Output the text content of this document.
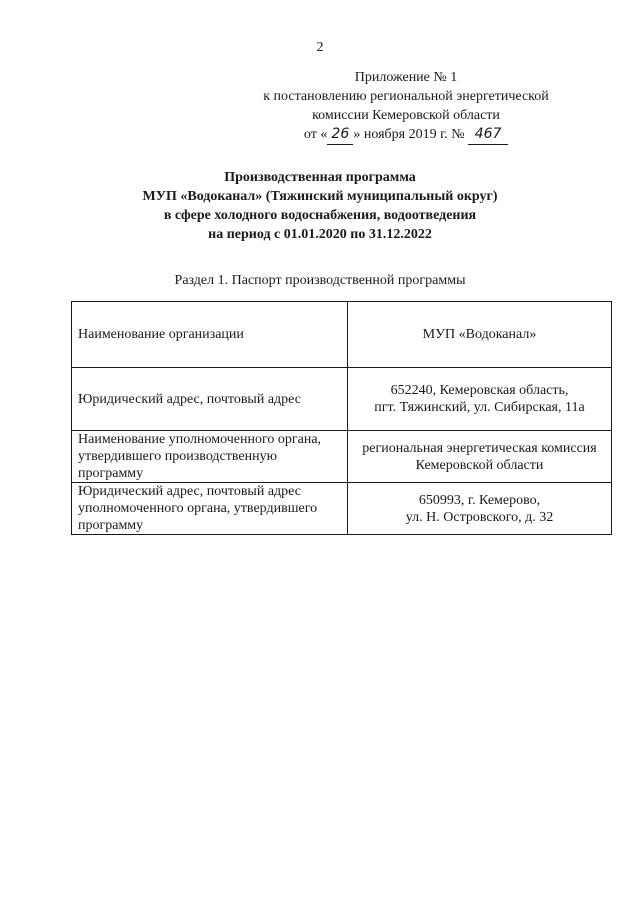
2
Приложение № 1
к постановлению региональной энергетической
комиссии Кемеровской области
от « 26 » ноября 2019 г. № 467
Производственная программа
МУП «Водоканал» (Тяжинский муниципальный округ)
в сфере холодного водоснабжения, водоотведения
на период с 01.01.2020 по 31.12.2022
Раздел 1. Паспорт производственной программы
Наименование организации	МУП «Водоканал»
Юридический адрес, почтовый адрес	652240, Кемеровская область,
пгт. Тяжинский, ул. Сибирская, 11а
Наименование уполномоченного органа, утвердившего производственную программу	региональная энергетическая комиссия
Кемеровской области
Юридический адрес, почтовый адрес уполномоченного органа, утвердившего программу	650993, г. Кемерово,
ул. Н. Островского, д. 32
